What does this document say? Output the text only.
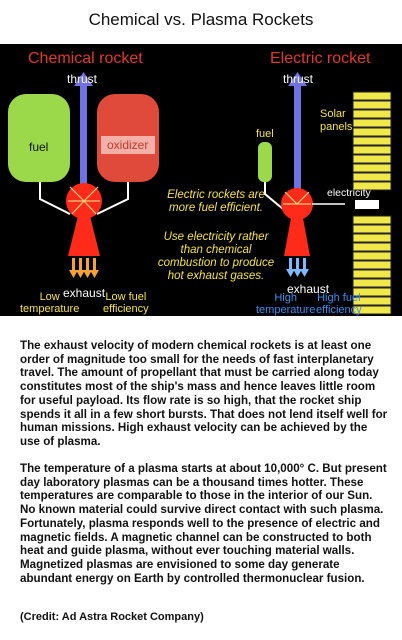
Chemical vs. Plasma Rockets
Chemical rocket
thrust
fuel	oxidizer
exhaust
Low
temperature
Low fuel
efficiency
Electric rockets are
more fuel efficient.
Use electricity rather
than chemical
combustion to produce
hot exhaust gases.
Electric rocket
thrust
fuel
Solar
panels
electricity
exhaust
High
temperature
High fuel
efficiency
The exhaust velocity of modern chemical rockets is at least one order of magnitude too small for the needs of fast interplanetary travel. The amount of propellant that must be carried along today constitutes most of the ship's mass and hence leaves little room for useful payload. Its flow rate is so high, that the rocket ship spends it all in a few short bursts. That does not lend itself well for human missions. High exhaust velocity can be achieved by the use of plasma.
The temperature of a plasma starts at about 10,000° C. But present day laboratory plasmas can be a thousand times hotter. These temperatures are comparable to those in the interior of our Sun. No known material could survive direct contact with such plasma. Fortunately, plasma responds well to the presence of electric and magnetic fields. A magnetic channel can be constructed to both heat and guide plasma, without ever touching material walls. Magnetized plasmas are envisioned to some day generate abundant energy on Earth by controlled thermonuclear fusion.
(Credit: Ad Astra Rocket Company)
